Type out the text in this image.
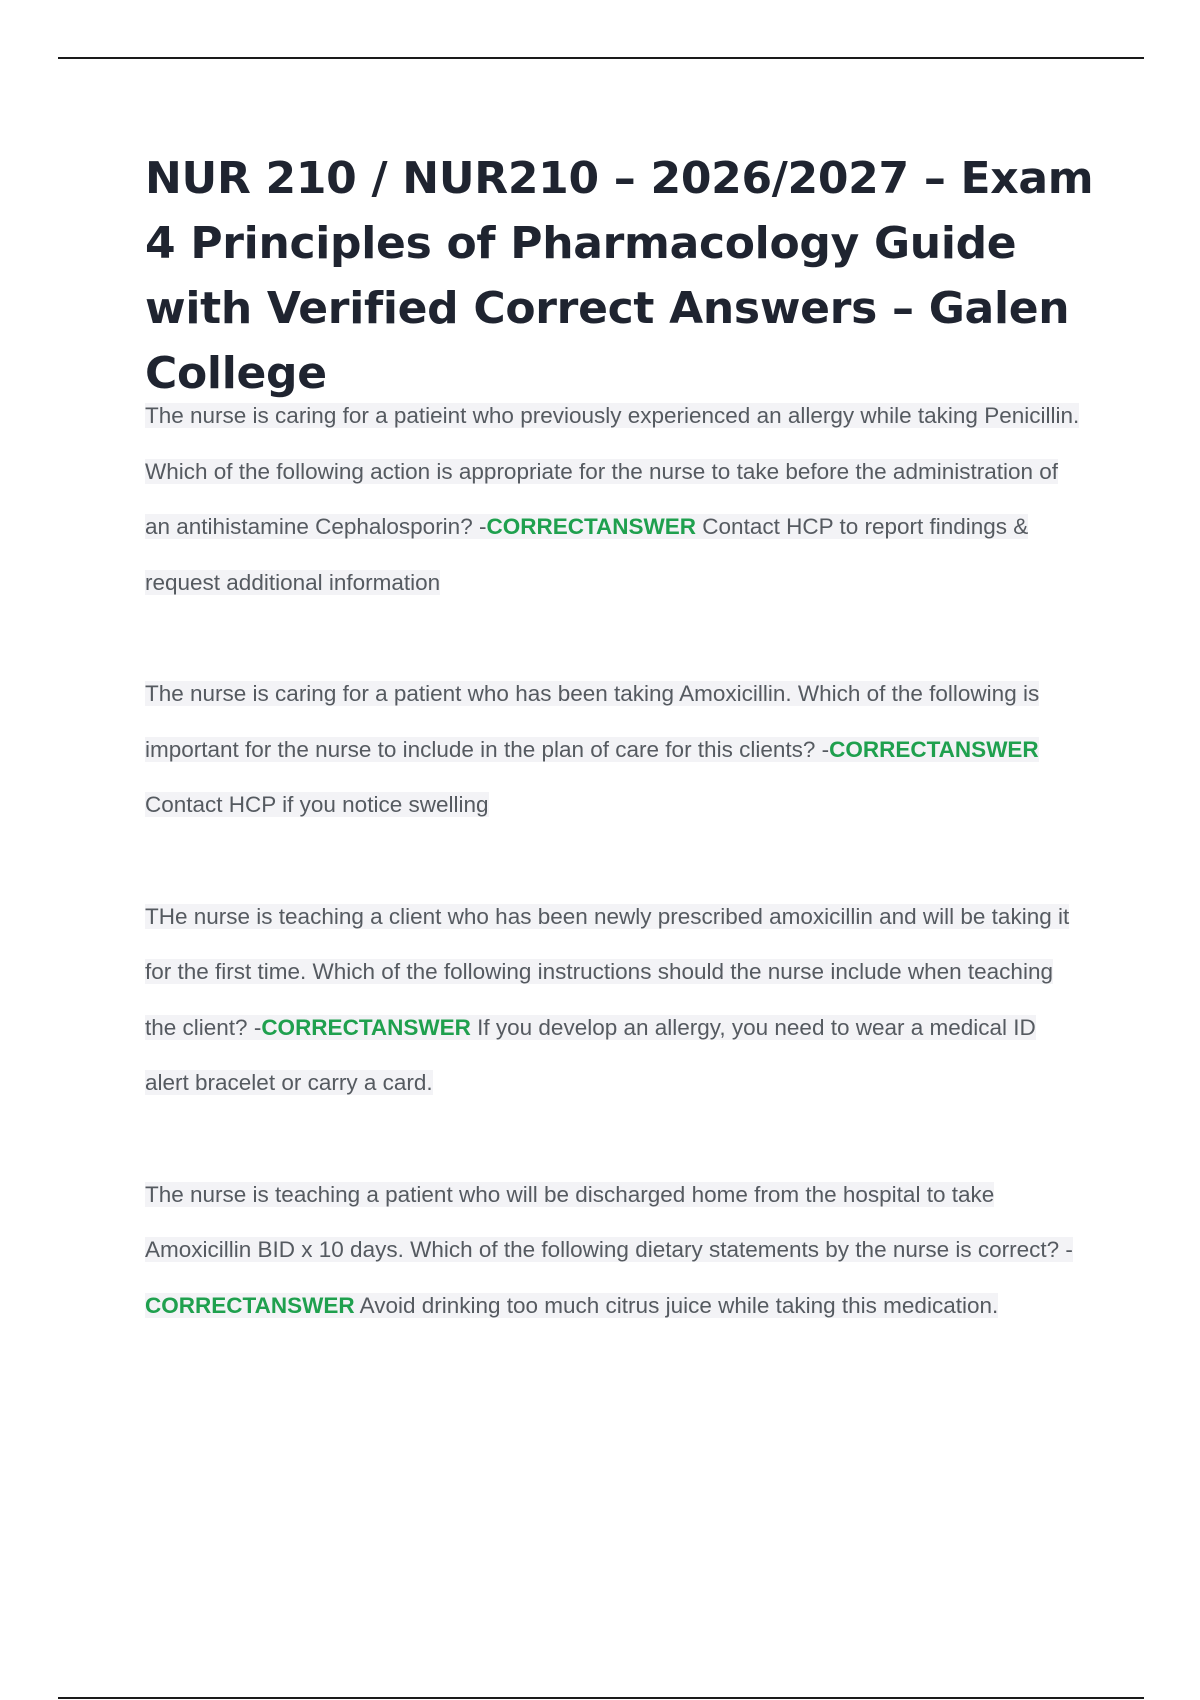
NUR 210 / NUR210 – 2026/2027 – Exam 4 Principles of Pharmacology Guide with Verified Correct Answers – Galen College
The nurse is caring for a patieint who previously experienced an allergy while taking Penicillin. Which of the following action is appropriate for the nurse to take before the administration of an antihistamine Cephalosporin? -CORRECTANSWER Contact HCP to report findings & request additional information
The nurse is caring for a patient who has been taking Amoxicillin. Which of the following is important for the nurse to include in the plan of care for this clients? -CORRECTANSWER Contact HCP if you notice swelling
THe nurse is teaching a client who has been newly prescribed amoxicillin and will be taking it for the first time. Which of the following instructions should the nurse include when teaching the client? -CORRECTANSWER If you develop an allergy, you need to wear a medical ID alert bracelet or carry a card.
The nurse is teaching a patient who will be discharged home from the hospital to take Amoxicillin BID x 10 days. Which of the following dietary statements by the nurse is correct? -CORRECTANSWER Avoid drinking too much citrus juice while taking this medication.
